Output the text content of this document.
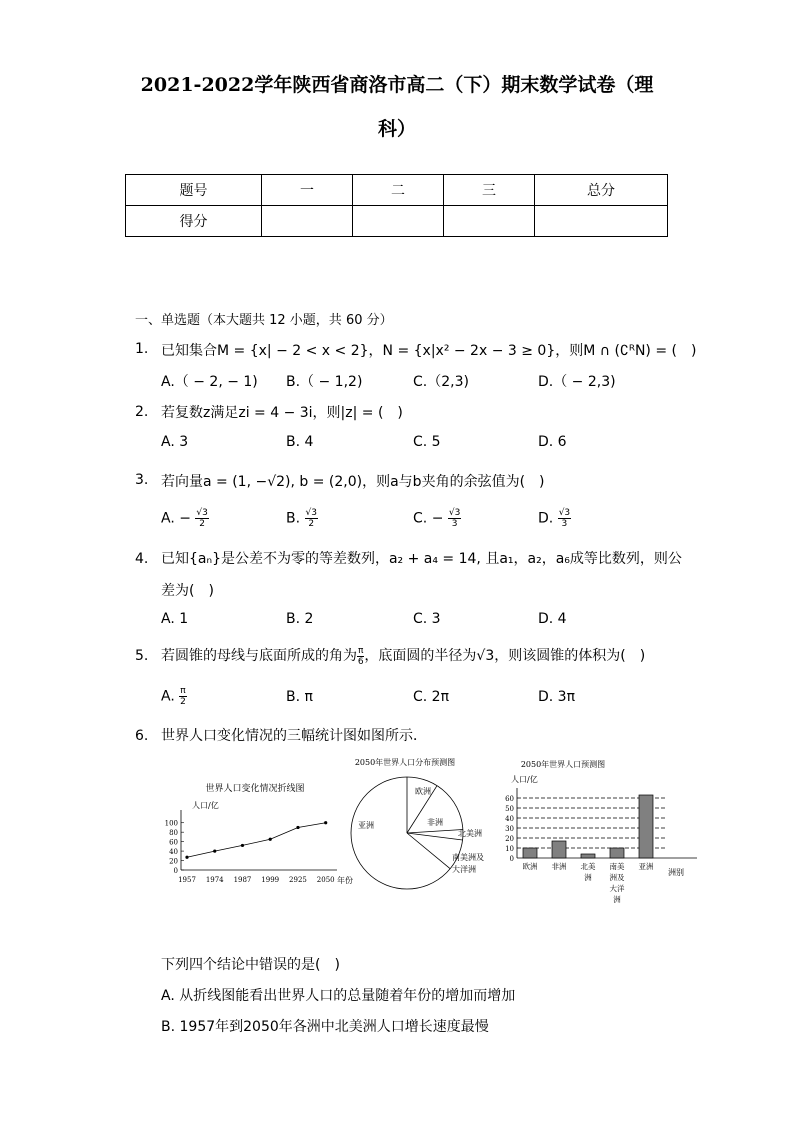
2021-2022学年陕西省商洛市高二（下）期末数学试卷（理
科）
题号	一	二	三	总分
得分				
一、单选题（本大题共 12 小题，共 60 分）
1. 已知集合M = {x| − 2 < x < 2}，N = {x|x² − 2x − 3 ≥ 0}，则M ∩ (∁ᴿN) = (　)
A.（ − 2, − 1) B.（ − 1,2)	C.（2,3)	D.（ − 2,3)
2. 若复数z满足zi = 4 − 3i，则|z| = (　)
A. 3	B. 4	C. 5	D. 6
3. 若向量a = (1, −√2), b = (2,0)，则a与b夹角的余弦值为(　)
A. − $\frac{√3}{2}$	B. $\frac{√3}{2}$	C. − $\frac{√3}{3}$	D. $\frac{√3}{3}$
4. 已知{aₙ}是公差不为零的等差数列，a₂ + a₄ = 14, 且a₁，a₂，a₆成等比数列，则公
差为(　)
A. 1	B. 2	C. 3	D. 4
5. 若圆锥的母线与底面所成的角为 $\frac{\pi}{6}$ ，底面圆的半径为√3，则该圆锥的体积为(　)
A. $\frac{\pi}{2}$	B. π	C. 2π	D. 3π
6. 世界人口变化情况的三幅统计图如图所示．
世界人口变化情况折线图
人口/亿
0
20
40
60
80
100
1957 1974 1987 1999 2925 2050 年份
2050年世界人口分布预测图
亚洲
欧洲
非洲
北美洲
南美洲及
大洋洲
2050年世界人口预测图
人口/亿
0
10
20
30
40
50
60
欧洲 非洲 北美
洲
南美
洲及
大洋
洲
亚洲
洲别
下列四个结论中错误的是(　)
A. 从折线图能看出世界人口的总量随着年份的增加而增加
B. 1957年到2050年各洲中北美洲人口增长速度最慢
